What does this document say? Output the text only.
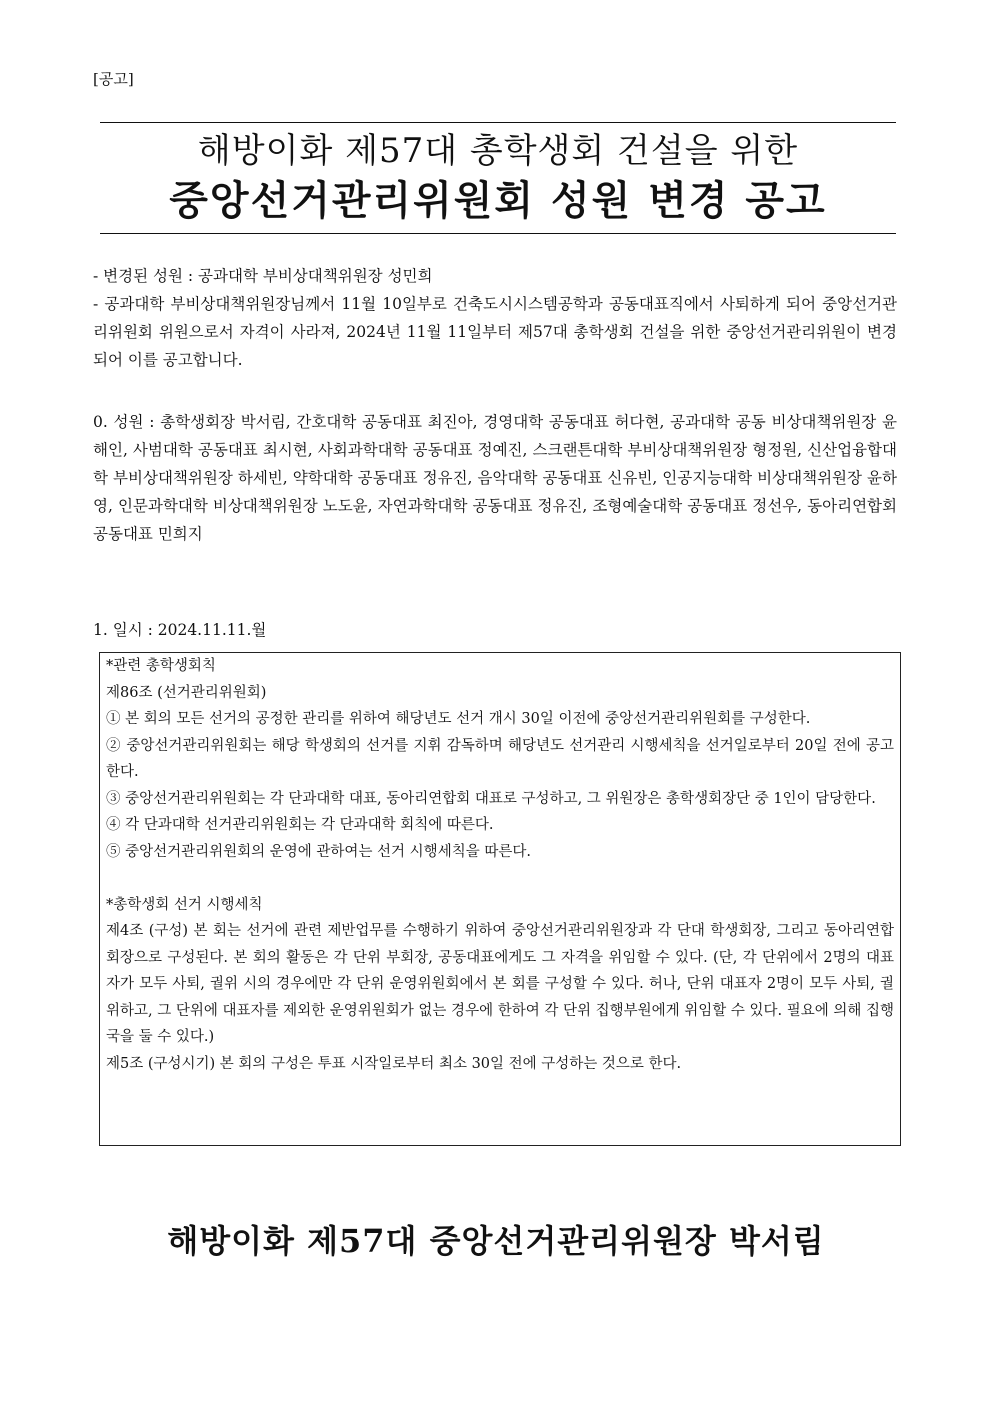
[공고]
해방이화 제57대 총학생회 건설을 위한
중앙선거관리위원회 성원 변경 공고
- 변경된 성원 : 공과대학 부비상대책위원장 성민희
- 공과대학 부비상대책위원장님께서 11월 10일부로 건축도시시스템공학과 공동대표직에서 사퇴하게 되어 중앙선거관리위원회 위원으로서 자격이 사라져, 2024년 11월 11일부터 제57대 총학생회 건설을 위한 중앙선거관리위원이 변경되어 이를 공고합니다.
0. 성원 : 총학생회장 박서림, 간호대학 공동대표 최진아, 경영대학 공동대표 허다현, 공과대학 공동 비상대책위원장 윤해인, 사범대학 공동대표 최시현, 사회과학대학 공동대표 정예진, 스크랜튼대학 부비상대책위원장 형정원, 신산업융합대학 부비상대책위원장 하세빈, 약학대학 공동대표 정유진, 음악대학 공동대표 신유빈, 인공지능대학 비상대책위원장 윤하영, 인문과학대학 비상대책위원장 노도윤, 자연과학대학 공동대표 정유진, 조형예술대학 공동대표 정선우, 동아리연합회 공동대표 민희지
1. 일시 : 2024.11.11.월
*관련 총학생회칙
제86조 (선거관리위원회)
① 본 회의 모든 선거의 공정한 관리를 위하여 해당년도 선거 개시 30일 이전에 중앙선거관리위원회를 구성한다.
② 중앙선거관리위원회는 해당 학생회의 선거를 지휘 감독하며 해당년도 선거관리 시행세칙을 선거일로부터 20일 전에 공고한다.
③ 중앙선거관리위원회는 각 단과대학 대표, 동아리연합회 대표로 구성하고, 그 위원장은 총학생회장단 중 1인이 담당한다.
④ 각 단과대학 선거관리위원회는 각 단과대학 회칙에 따른다.
⑤ 중앙선거관리위원회의 운영에 관하여는 선거 시행세칙을 따른다.
*총학생회 선거 시행세칙
제4조 (구성) 본 회는 선거에 관련 제반업무를 수행하기 위하여 중앙선거관리위원장과 각 단대 학생회장, 그리고 동아리연합회장으로 구성된다. 본 회의 활동은 각 단위 부회장, 공동대표에게도 그 자격을 위임할 수 있다. (단, 각 단위에서 2명의 대표자가 모두 사퇴, 궐위 시의 경우에만 각 단위 운영위원회에서 본 회를 구성할 수 있다. 허나, 단위 대표자 2명이 모두 사퇴, 궐위하고, 그 단위에 대표자를 제외한 운영위원회가 없는 경우에 한하여 각 단위 집행부원에게 위임할 수 있다. 필요에 의해 집행국을 둘 수 있다.)
제5조 (구성시기) 본 회의 구성은 투표 시작일로부터 최소 30일 전에 구성하는 것으로 한다.
해방이화 제57대 중앙선거관리위원장 박서림
